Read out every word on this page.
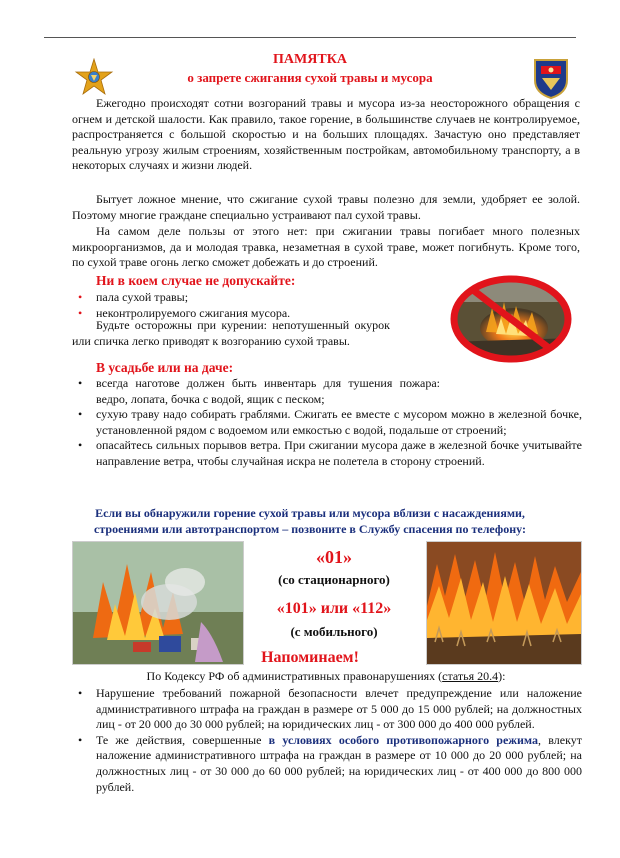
ПАМЯТКА
о запрете сжигания сухой травы и мусора

Ежегодно происходят сотни возгораний травы и мусора из-за неосторожного обращения с огнем и детской шалости. Как правило, такое горение, в большинстве случаев не контролируемое, распространяется с большой скоростью и на больших площадях. Зачастую оно представляет реальную угрозу жилым строениям, хозяйственным постройкам, автомобильному транспорту, а в некоторых случаях и жизни людей.

Бытует ложное мнение, что сжигание сухой травы полезно для земли, удобряет ее золой. Поэтому многие граждане специально устраивают пал сухой травы.

На самом деле пользы от этого нет: при сжигании травы погибает много полезных микроорганизмов, да и молодая травка, незаметная в сухой траве, может погибнуть. Кроме того, по сухой траве огонь легко сможет добежать и до строений.

Ни в коем случае не допускайте:
• пала сухой травы;
• неконтролируемого сжигания мусора.

Будьте осторожны при курении: непотушенный окурок или спичка легко приводят к возгоранию сухой травы.

В усадьбе или на даче:
• всегда наготове должен быть инвентарь для тушения пожара: ведро, лопата, бочка с водой, ящик с песком;
• сухую траву надо собирать граблями. Сжигать ее вместе с мусором можно в железной бочке, установленной рядом с водоемом или емкостью с водой, подальше от строений;
• опасайтесь сильных порывов ветра. При сжигании мусора даже в железной бочке учитывайте направление ветра, чтобы случайная искра не полетела в сторону строений.
Если вы обнаружили горение сухой травы или мусора вблизи с насаждениями,
строениями или автотранспортом – позвоните в Службу спасения по телефону:
«01»
(со стационарного)
«101» или «112»
(с мобильного)
Напоминаем!
По Кодексу РФ об административных правонарушениях (статья 20.4):
• Нарушение требований пожарной безопасности влечет предупреждение или наложение административного штрафа на граждан в размере от 5 000 до 15 000 рублей; на должностных лиц - от 20 000 до 30 000 рублей; на юридических лиц - от 300 000 до 400 000 рублей.
• Те же действия, совершенные в условиях особого противопожарного режима, влекут наложение административного штрафа на граждан в размере от 10 000 до 20 000 рублей; на должностных лиц - от 30 000 до 60 000 рублей; на юридических лиц - от 400 000 до 800 000 рублей.
